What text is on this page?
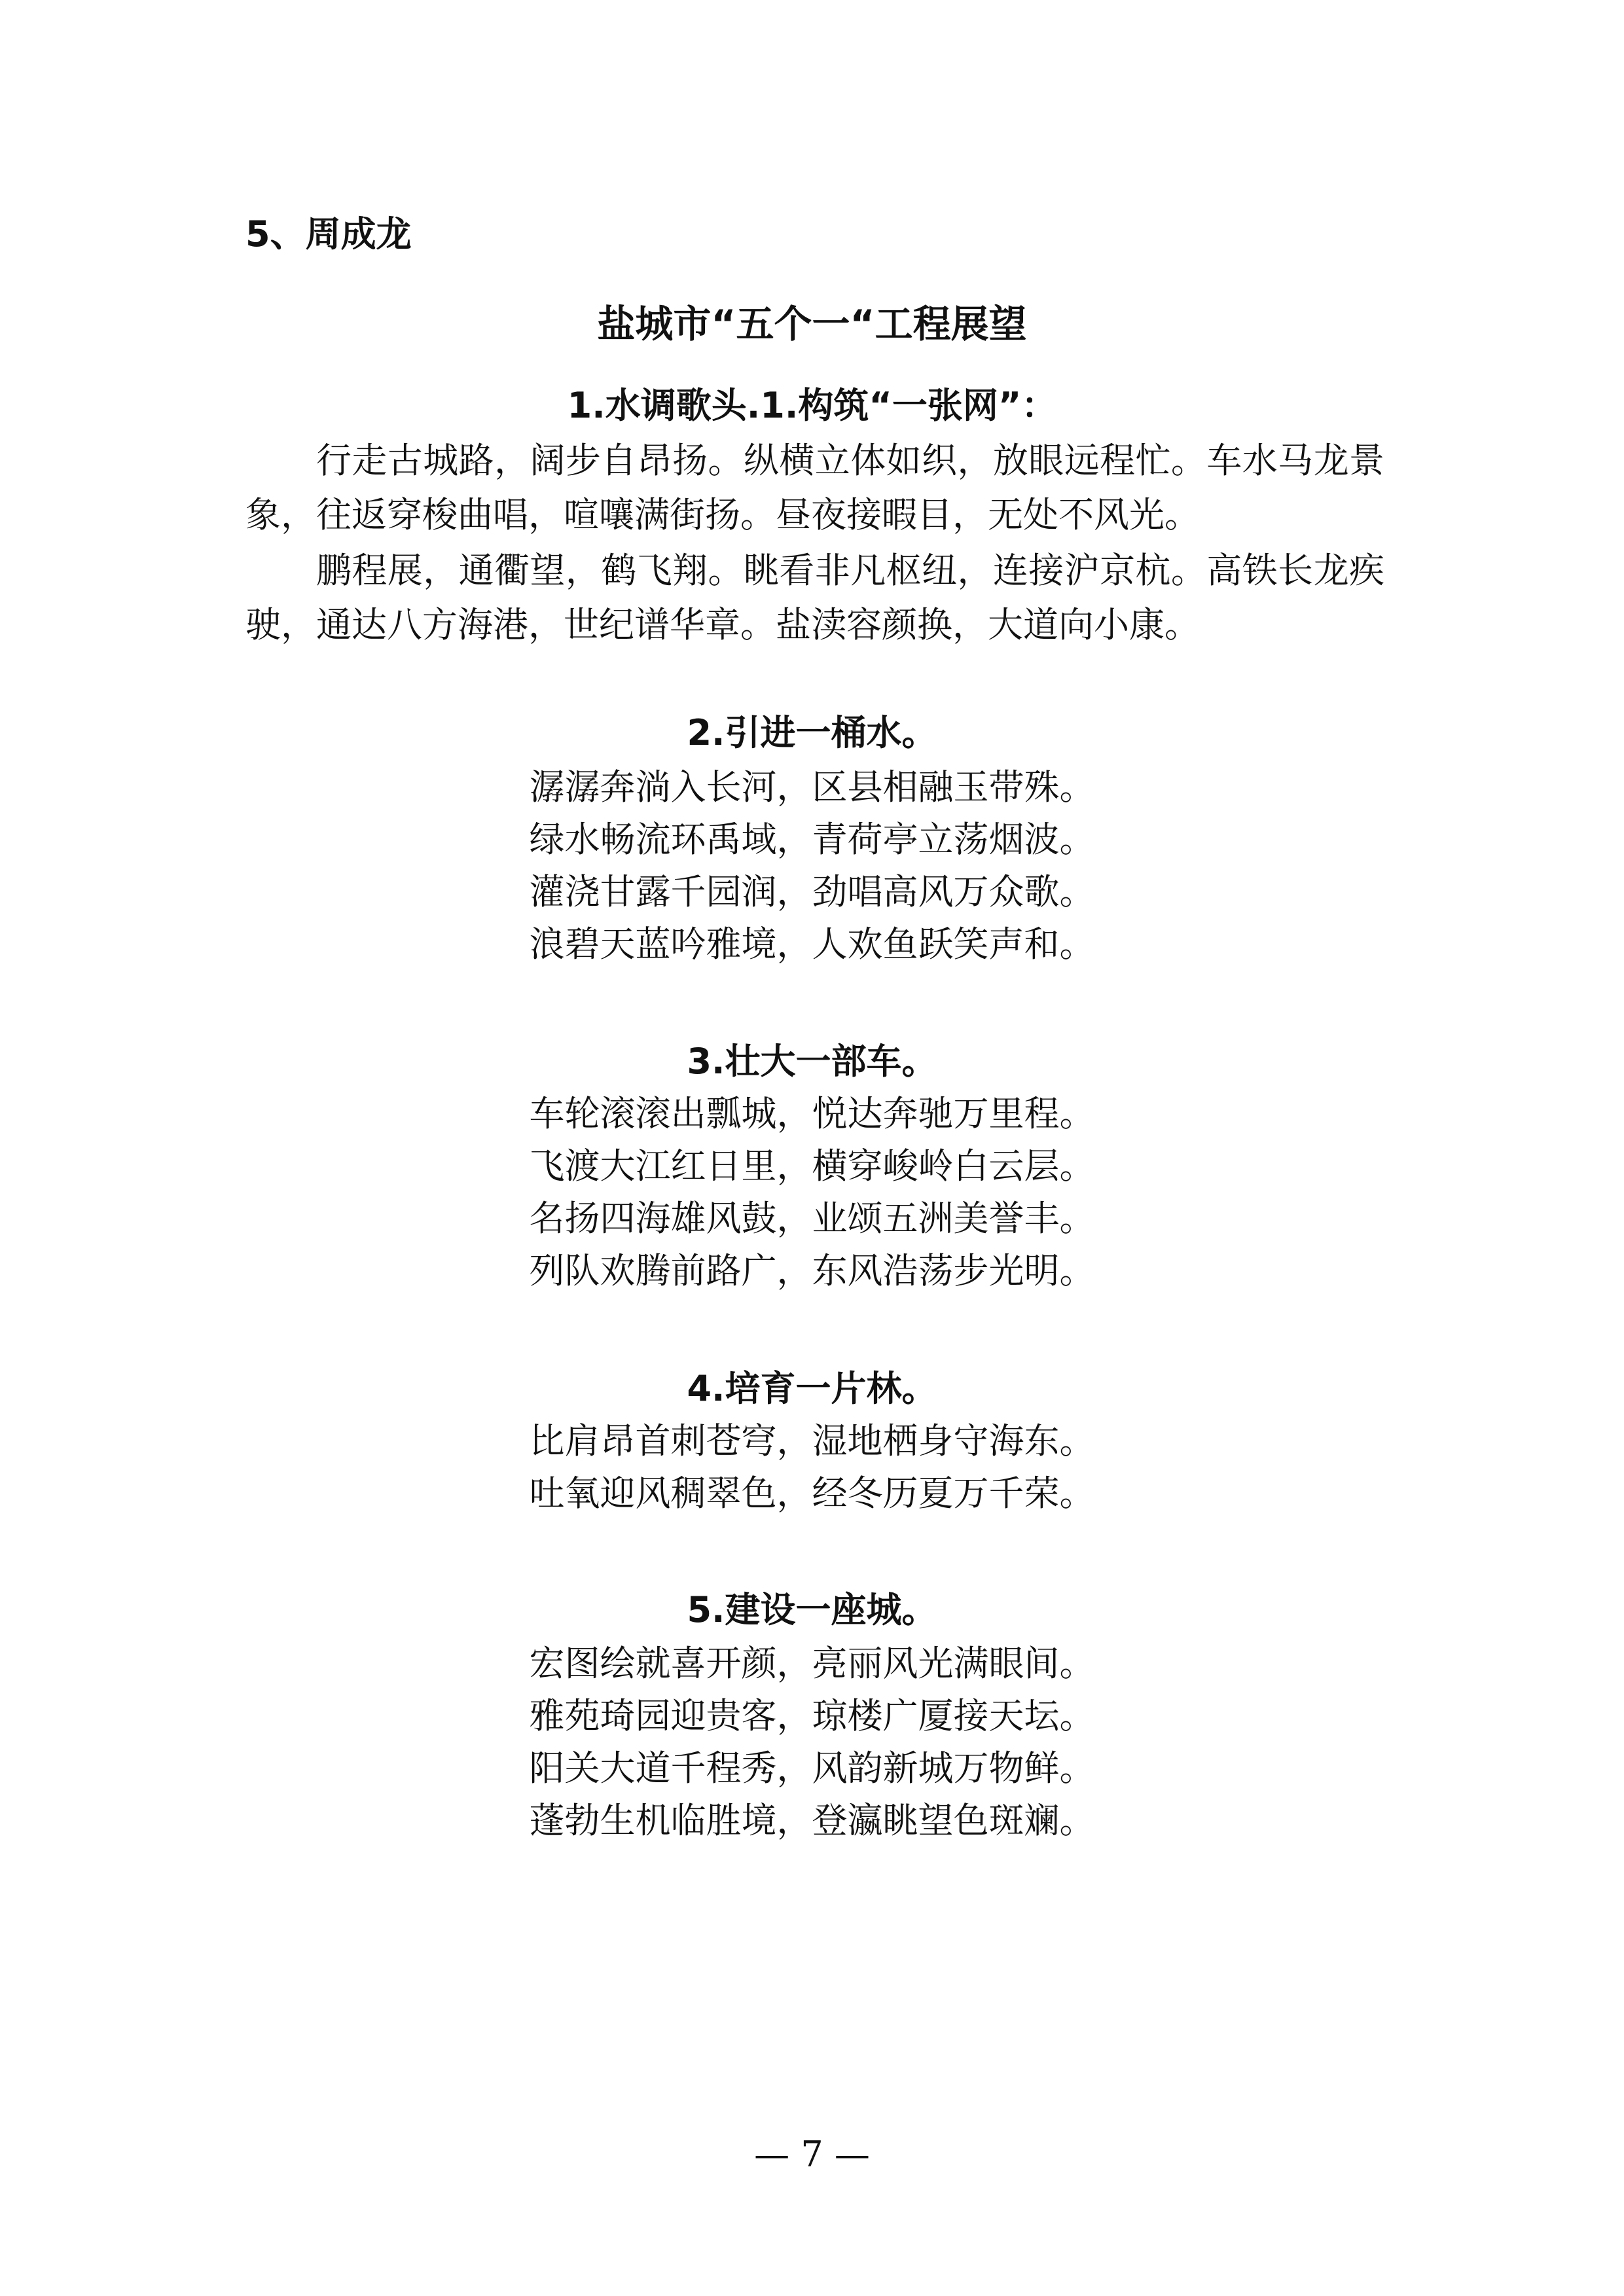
5、周成龙
盐城市“五个一“工程展望
1.水调歌头.1.构筑“一张网”：
行走古城路，阔步自昂扬。纵横立体如织，放眼远程忙。车水马龙景象，往返穿梭曲唱，喧嚷满街扬。昼夜接暇目，无处不风光。
鹏程展，通衢望，鹤飞翔。眺看非凡枢纽，连接沪京杭。高铁长龙疾驶，通达八方海港，世纪谱华章。盐渎容颜换，大道向小康。
2.引进一桶水。
潺潺奔淌入长河，区县相融玉带殊。
绿水畅流环禹域，青荷亭立荡烟波。
灌浇甘露千园润，劲唱高风万众歌。
浪碧天蓝吟雅境，人欢鱼跃笑声和。
3.壮大一部车。
车轮滚滚出瓢城，悦达奔驰万里程。
飞渡大江红日里，横穿峻岭白云层。
名扬四海雄风鼓，业颂五洲美誉丰。
列队欢腾前路广，东风浩荡步光明。
4.培育一片林。
比肩昂首刺苍穹，湿地栖身守海东。
吐氧迎风稠翠色，经冬历夏万千荣。
5.建设一座城。
宏图绘就喜开颜，亮丽风光满眼间。
雅苑琦园迎贵客，琼楼广厦接天坛。
阳关大道千程秀，风韵新城万物鲜。
蓬勃生机临胜境，登瀛眺望色斑斓。
— 7 —
